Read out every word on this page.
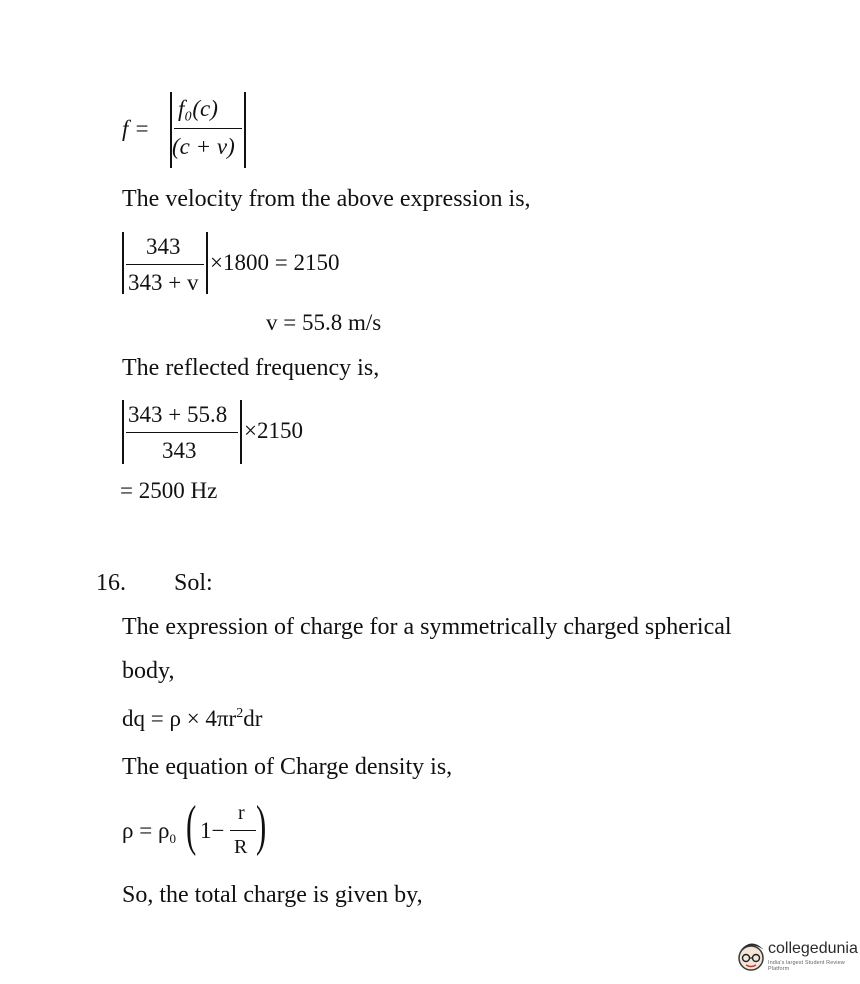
f =
f₀(c)
(c + v)
The velocity from the above expression is,
343
343 + v
×1800 = 2150
v = 55.8 m/s
The reflected frequency is,
343 + 55.8
343
×2150
= 2500 Hz
16. Sol:
The expression of charge for a symmetrically charged spherical
body,
dq = $\rho \times 4\pi r^2dr$
The equation of Charge density is,
$\rho = \rho_0$ ( 1−
r
R )
So, the total charge is given by,
collegedunia
India's largest Student Review Platform
